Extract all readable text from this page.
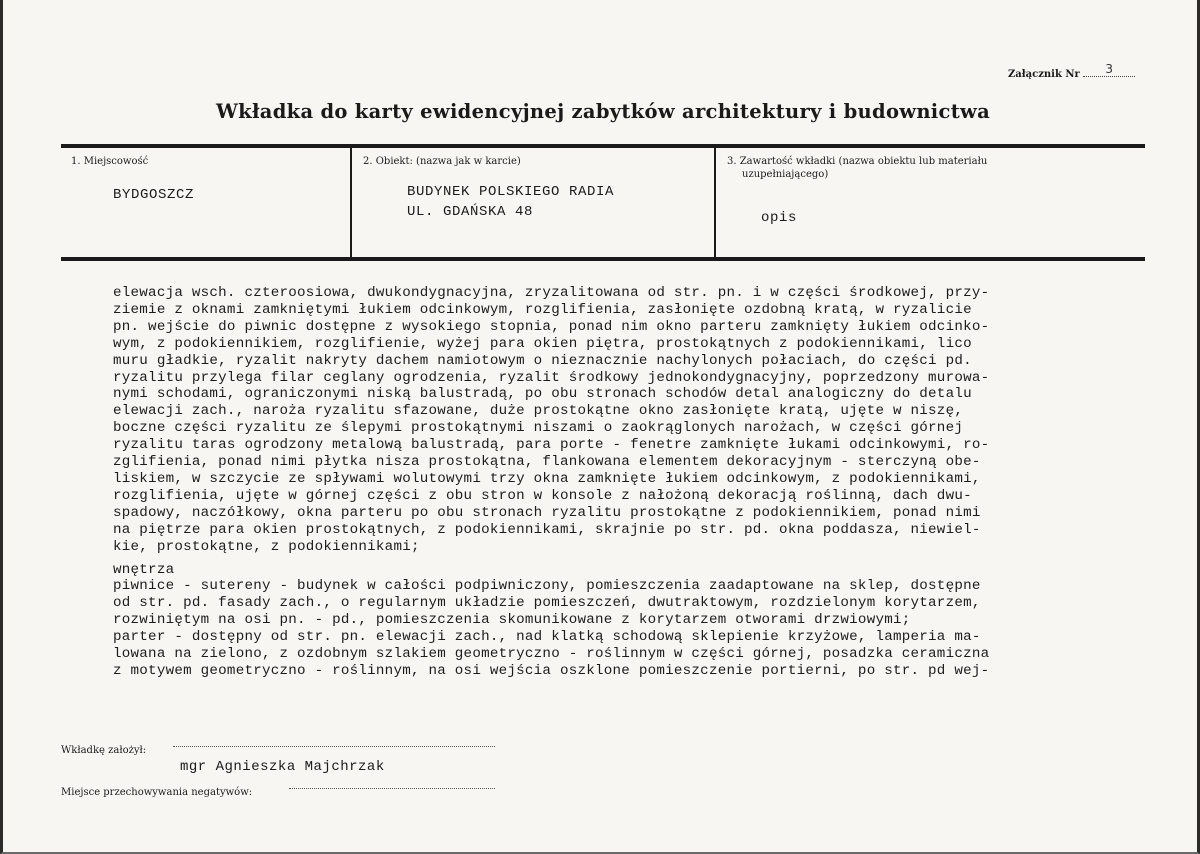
Załącznik Nr 3
Wkładka do karty ewidencyjnej zabytków architektury i budownictwa
1. Miejscowość
BYDGOSZCZ
2. Obiekt: (nazwa jak w karcie)
BUDYNEK POLSKIEGO RADIA
UL. GDAŃSKA 48
3. Zawartość wkładki (nazwa obiektu lub materiału
uzupełniającego)
opis
elewacja wsch. czteroosiowa, dwukondygnacyjna, zryzalitowana od str. pn. i w części środkowej, przy-
ziemie z oknami zamkniętymi łukiem odcinkowym, rozglifienia, zasłonięte ozdobną kratą, w ryzalicie
pn. wejście do piwnic dostępne z wysokiego stopnia, ponad nim okno parteru zamknięty łukiem odcinko-
wym, z podokiennikiem, rozglifienie, wyżej para okien piętra, prostokątnych z podokiennikami, lico
muru gładkie, ryzalit nakryty dachem namiotowym o nieznacznie nachylonych połaciach, do części pd.
ryzalitu przylega filar ceglany ogrodzenia, ryzalit środkowy jednokondygnacyjny, poprzedzony murowa-
nymi schodami, ograniczonymi niską balustradą, po obu stronach schodów detal analogiczny do detalu
elewacji zach., naroża ryzalitu sfazowane, duże prostokątne okno zasłonięte kratą, ujęte w niszę,
boczne części ryzalitu ze ślepymi prostokątnymi niszami o zaokrąglonych narożach, w części górnej
ryzalitu taras ogrodzony metalową balustradą, para porte - fenetre zamknięte łukami odcinkowymi, ro-
zglifienia, ponad nimi płytka nisza prostokątna, flankowana elementem dekoracyjnym - sterczyną obe-
liskiem, w szczycie ze spływami wolutowymi trzy okna zamknięte łukiem odcinkowym, z podokiennikami,
rozglifienia, ujęte w górnej części z obu stron w konsole z nałożoną dekoracją roślinną, dach dwu-
spadowy, naczółkowy, okna parteru po obu stronach ryzalitu prostokątne z podokiennikiem, ponad nimi
na piętrze para okien prostokątnych, z podokiennikami, skrajnie po str. pd. okna poddasza, niewiel-
kie, prostokątne, z podokiennikami;
wnętrza
piwnice - sutereny - budynek w całości podpiwniczony, pomieszczenia zaadaptowane na sklep, dostępne
od str. pd. fasady zach., o regularnym układzie pomieszczeń, dwutraktowym, rozdzielonym korytarzem,
rozwiniętym na osi pn. - pd., pomieszczenia skomunikowane z korytarzem otworami drzwiowymi;
parter - dostępny od str. pn. elewacji zach., nad klatką schodową sklepienie krzyżowe, lamperia ma-
lowana na zielono, z ozdobnym szlakiem geometryczno - roślinnym w części górnej, posadzka ceramiczna
z motywem geometryczno - roślinnym, na osi wejścia oszklone pomieszczenie portierni, po str. pd wej-
Wkładkę założył:
mgr Agnieszka Majchrzak
Miejsce przechowywania negatywów:
